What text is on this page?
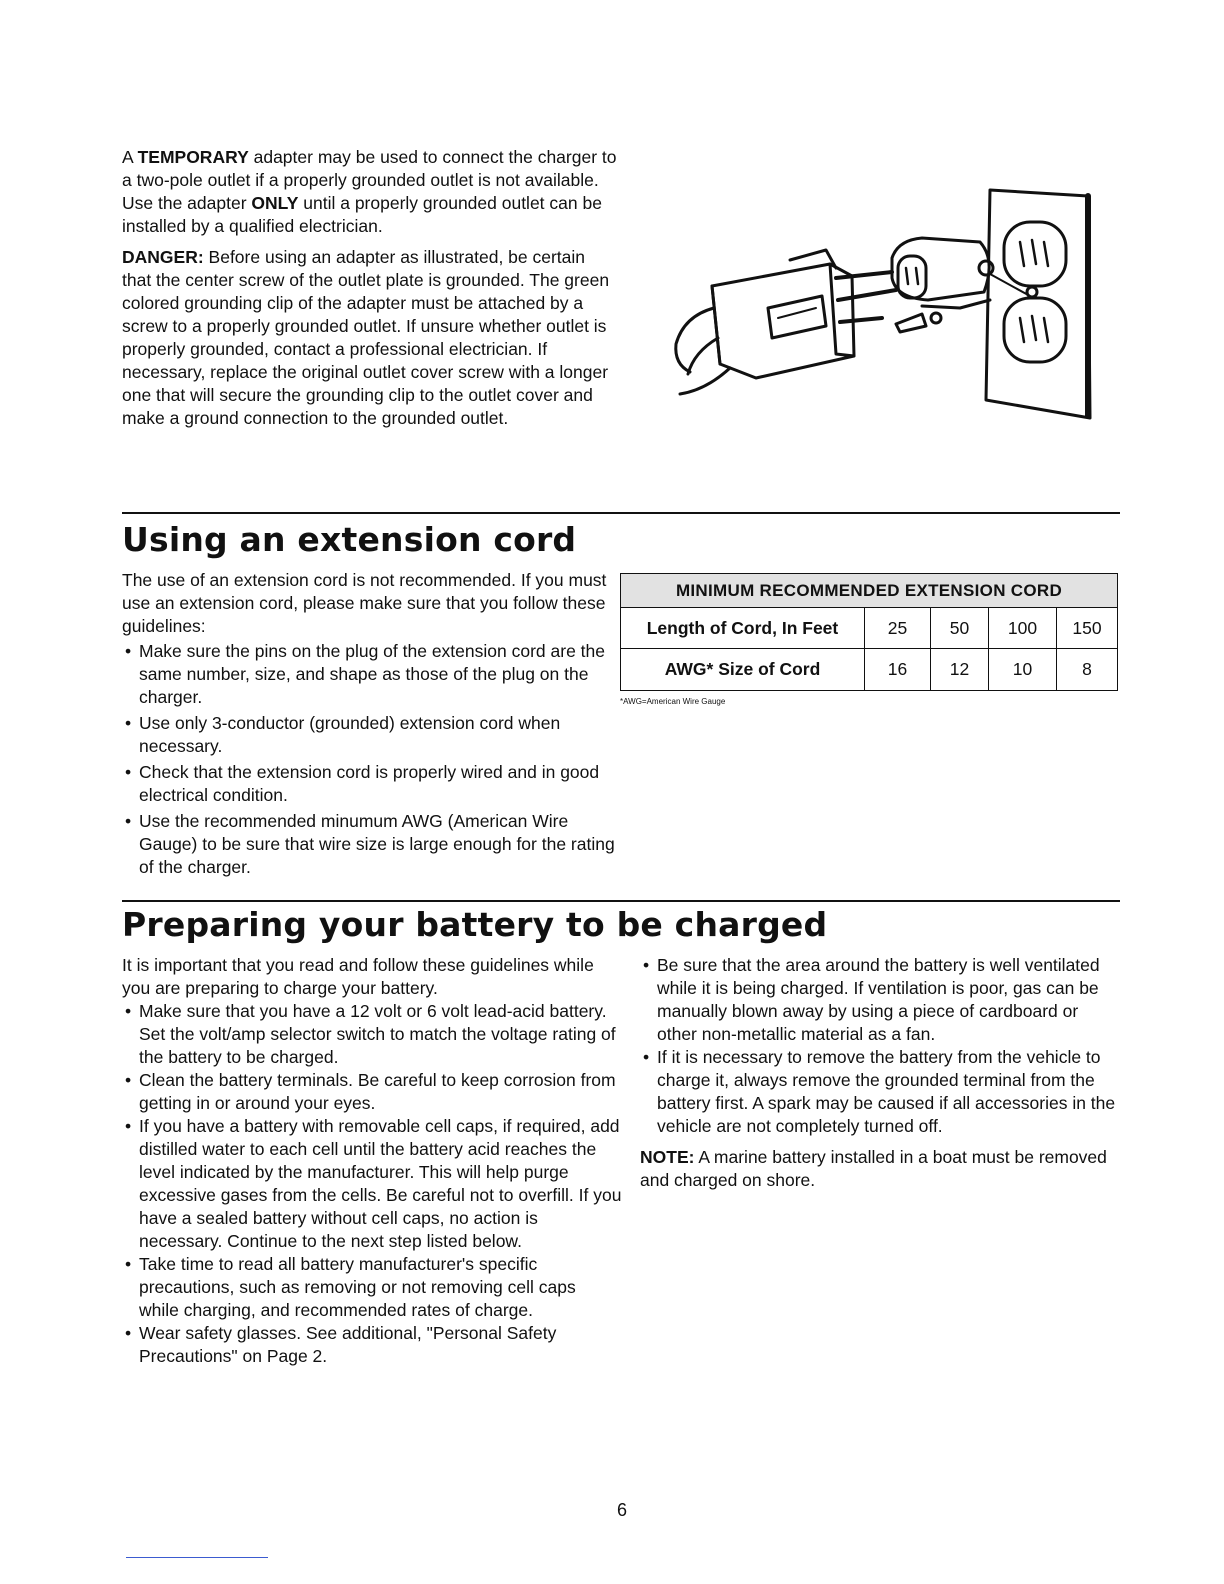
A TEMPORARY adapter may be used to connect the charger to a two-pole outlet if a properly grounded outlet is not available. Use the adapter ONLY until a properly grounded outlet can be installed by a qualified electrician.

DANGER: Before using an adapter as illustrated, be certain that the center screw of the outlet plate is grounded. The green colored grounding clip of the adapter must be attached by a screw to a properly grounded outlet. If unsure whether outlet is properly grounded, contact a professional electrician. If necessary, replace the original outlet cover screw with a longer one that will secure the grounding clip to the outlet cover and make a ground connection to the grounded outlet.

Using an extension cord

The use of an extension cord is not recommended. If you must use an extension cord, please make sure that you follow these guidelines:

• Make sure the pins on the plug of the extension cord are the same number, size, and shape as those of the plug on the charger.
• Use only 3-conductor (grounded) extension cord when necessary.
• Check that the extension cord is properly wired and in good electrical condition.
• Use the recommended minumum AWG (American Wire Gauge) to be sure that wire size is large enough for the rating of the charger.
MINIMUM RECOMMENDED EXTENSION CORD
Length of Cord, In Feet	25	50	100	150
AWG* Size of Cord	16	12	10	8
*AWG=American Wire Gauge
Preparing your battery to be charged

It is important that you read and follow these guidelines while you are preparing to charge your battery.

• Make sure that you have a 12 volt or 6 volt lead-acid battery. Set the volt/amp selector switch to match the voltage rating of the battery to be charged.
• Clean the battery terminals. Be careful to keep corrosion from getting in or around your eyes.
• If you have a battery with removable cell caps, if required, add distilled water to each cell until the battery acid reaches the level indicated by the manufacturer. This will help purge excessive gases from the cells. Be careful not to overfill. If you have a sealed battery without cell caps, no action is necessary. Continue to the next step listed below.
• Take time to read all battery manufacturer's specific precautions, such as removing or not removing cell caps while charging, and recommended rates of charge.
• Wear safety glasses. See additional, "Personal Safety Precautions" on Page 2.
• Be sure that the area around the battery is well ventilated while it is being charged. If ventilation is poor, gas can be manually blown away by using a piece of cardboard or other non-metallic material as a fan.
• If it is necessary to remove the battery from the vehicle to charge it, always remove the grounded terminal from the battery first. A spark may be caused if all accessories in the vehicle are not completely turned off.

NOTE: A marine battery installed in a boat must be removed and charged on shore.

6
